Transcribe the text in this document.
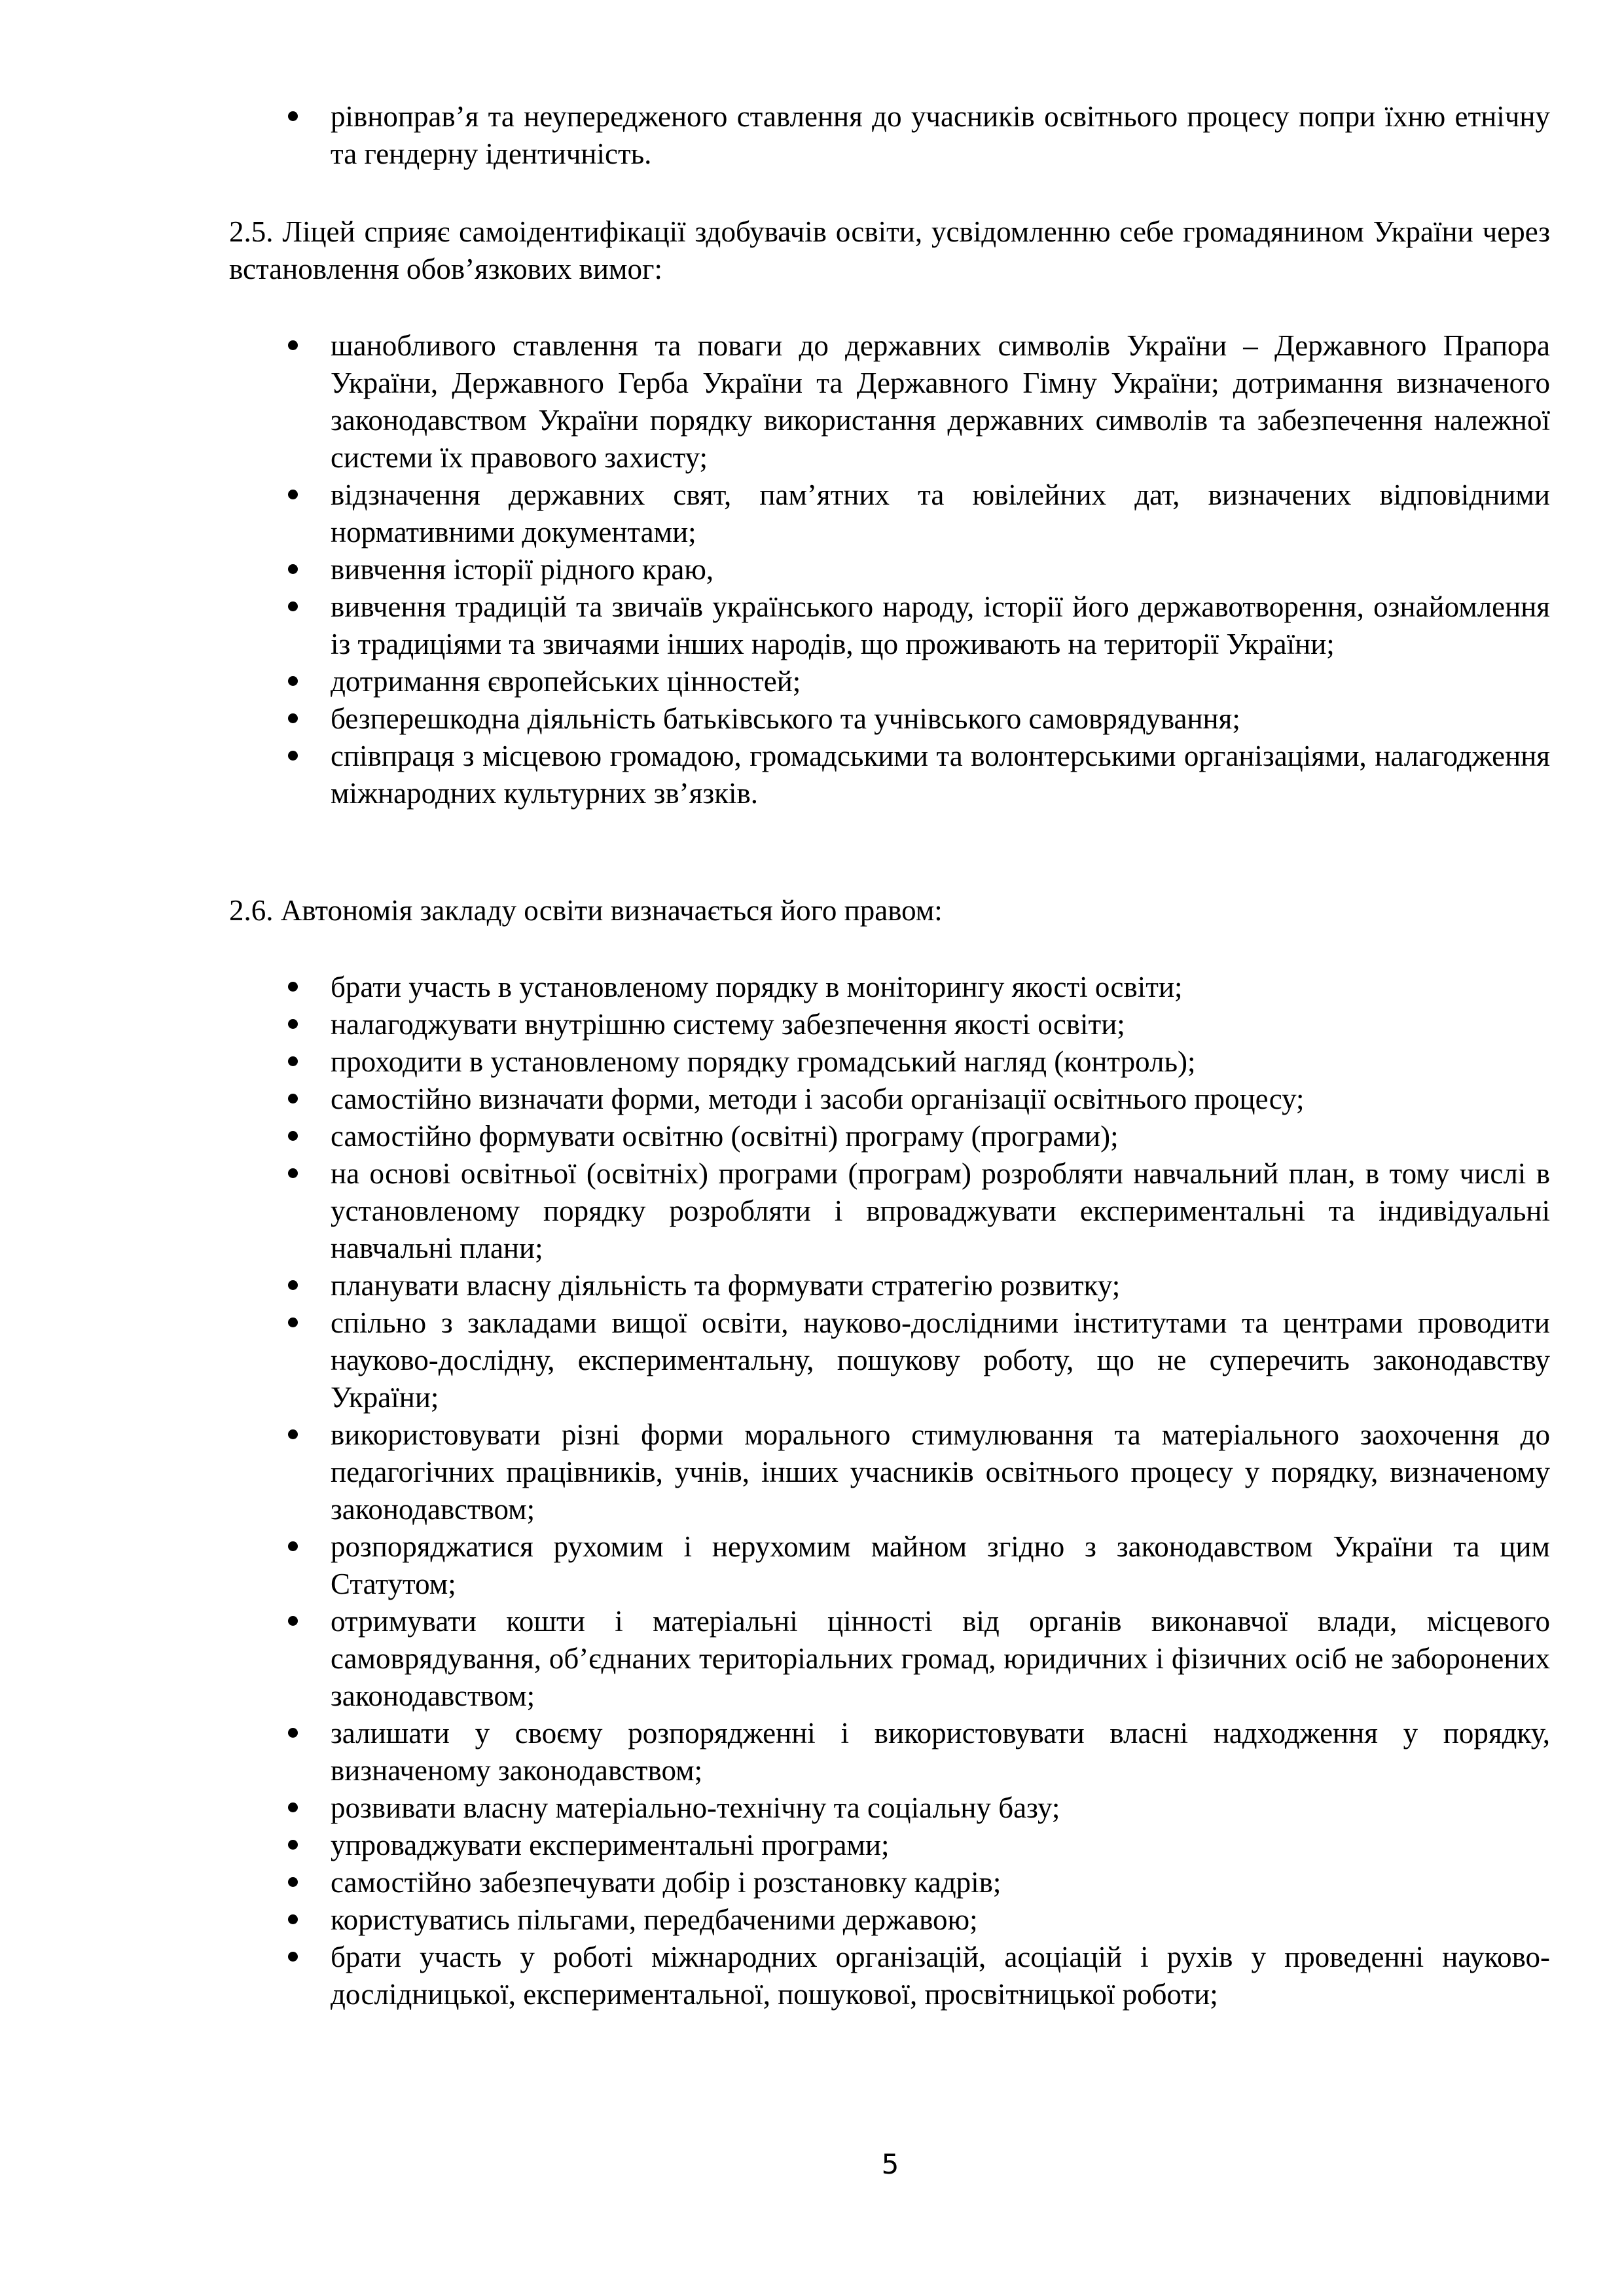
рівноправ’я та неупередженого ставлення до учасників освітнього процесу попри їхню етнічну та гендерну ідентичність.

2.5. Ліцей сприяє самоідентифікації здобувачів освіти, усвідомленню себе громадянином України через встановлення обов’язкових вимог:

шанобливого ставлення та поваги до державних символів України – Державного Прапора України, Державного Герба України та Державного Гімну України; дотримання визначеного законодавством України порядку використання державних символів та забезпечення належної системи їх правового захисту;
відзначення державних свят, пам’ятних та ювілейних дат, визначених відповідними нормативними документами;
вивчення історії рідного краю,
вивчення традицій та звичаїв українського народу, історії його державотворення, ознайомлення із традиціями та звичаями інших народів, що проживають на території України;
дотримання європейських цінностей;
безперешкодна діяльність батьківського та учнівського самоврядування;
співпраця з місцевою громадою, громадськими та волонтерськими організаціями, налагодження міжнародних культурних зв’язків.

2.6. Автономія закладу освіти визначається його правом:

брати участь в установленому порядку в моніторингу якості освіти;
налагоджувати внутрішню систему забезпечення якості освіти;
проходити в установленому порядку громадський нагляд (контроль);
самостійно визначати форми, методи і засоби організації освітнього процесу;
самостійно формувати освітню (освітні) програму (програми);
на основі освітньої (освітніх) програми (програм) розробляти навчальний план, в тому числі в установленому порядку розробляти і впроваджувати експериментальні та індивідуальні навчальні плани;
планувати власну діяльність та формувати стратегію розвитку;
спільно з закладами вищої освіти, науково-дослідними інститутами та центрами проводити науково-дослідну, експериментальну, пошукову роботу, що не суперечить законодавству України;
використовувати різні форми морального стимулювання та матеріального заохочення до педагогічних працівників, учнів, інших учасників освітнього процесу у порядку, визначеному законодавством;
розпоряджатися рухомим і нерухомим майном згідно з законодавством України та цим Статутом;
отримувати кошти і матеріальні цінності від органів виконавчої влади, місцевого самоврядування, об’єднаних територіальних громад, юридичних і фізичних осіб не заборонених законодавством;
залишати у своєму розпорядженні і використовувати власні надходження у порядку, визначеному законодавством;
розвивати власну матеріально-технічну та соціальну базу;
упроваджувати експериментальні програми;
самостійно забезпечувати добір і розстановку кадрів;
користуватись пільгами, передбаченими державою;
брати участь у роботі міжнародних організацій, асоціацій і рухів у проведенні науково-дослідницької, експериментальної, пошукової, просвітницької роботи;
5
